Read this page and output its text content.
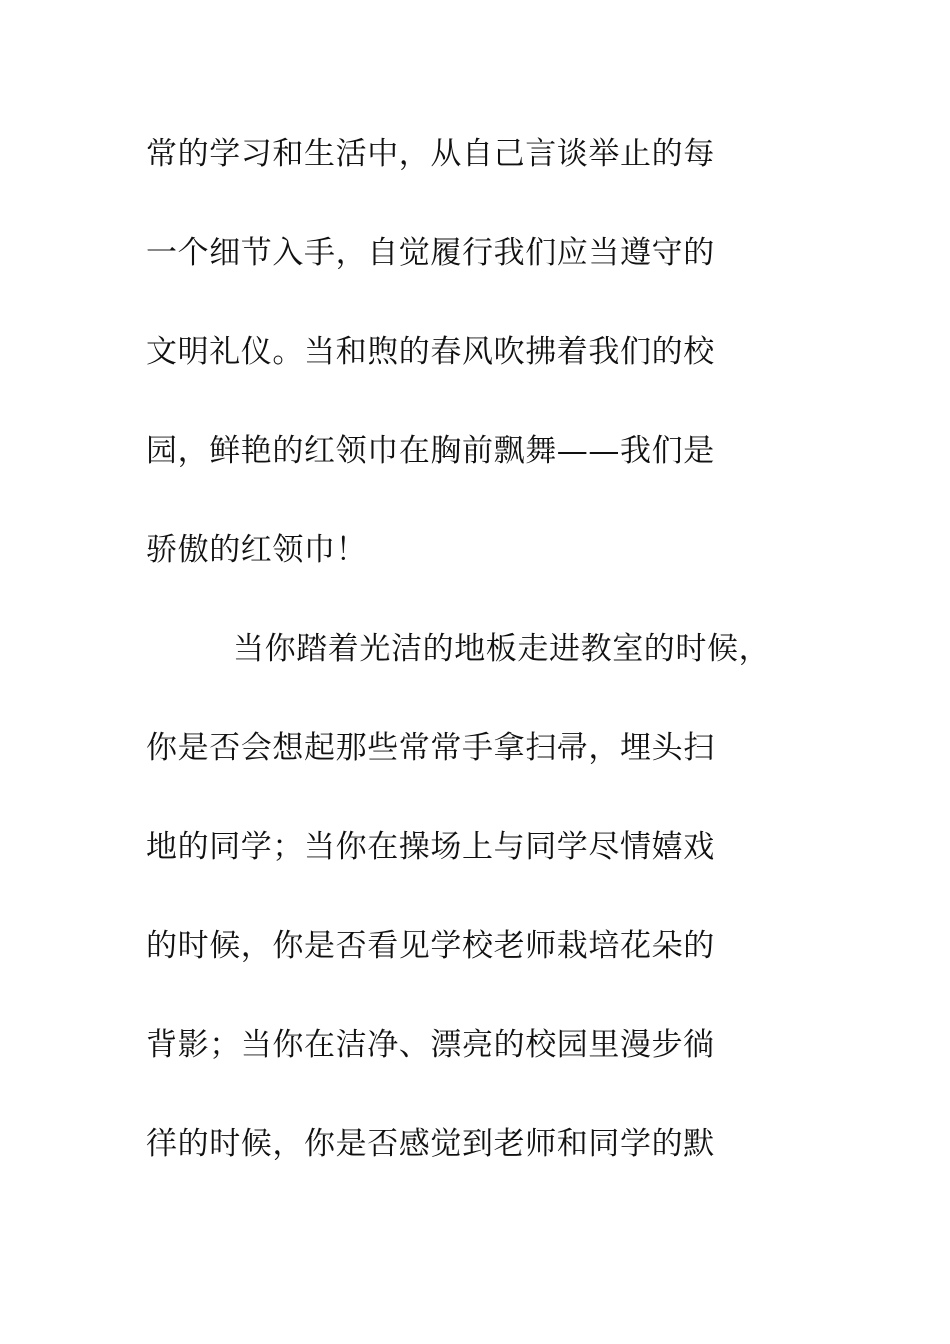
常的学习和生活中，从自己言谈举止的每
一个细节入手，自觉履行我们应当遵守的
文明礼仪。当和煦的春风吹拂着我们的校
园，鲜艳的红领巾在胸前飘舞——我们是
骄傲的红领巾！
当你踏着光洁的地板走进教室的时候，
你是否会想起那些常常手拿扫帚，埋头扫
地的同学；当你在操场上与同学尽情嬉戏
的时候，你是否看见学校老师栽培花朵的
背影；当你在洁净、漂亮的校园里漫步徜
徉的时候，你是否感觉到老师和同学的默
